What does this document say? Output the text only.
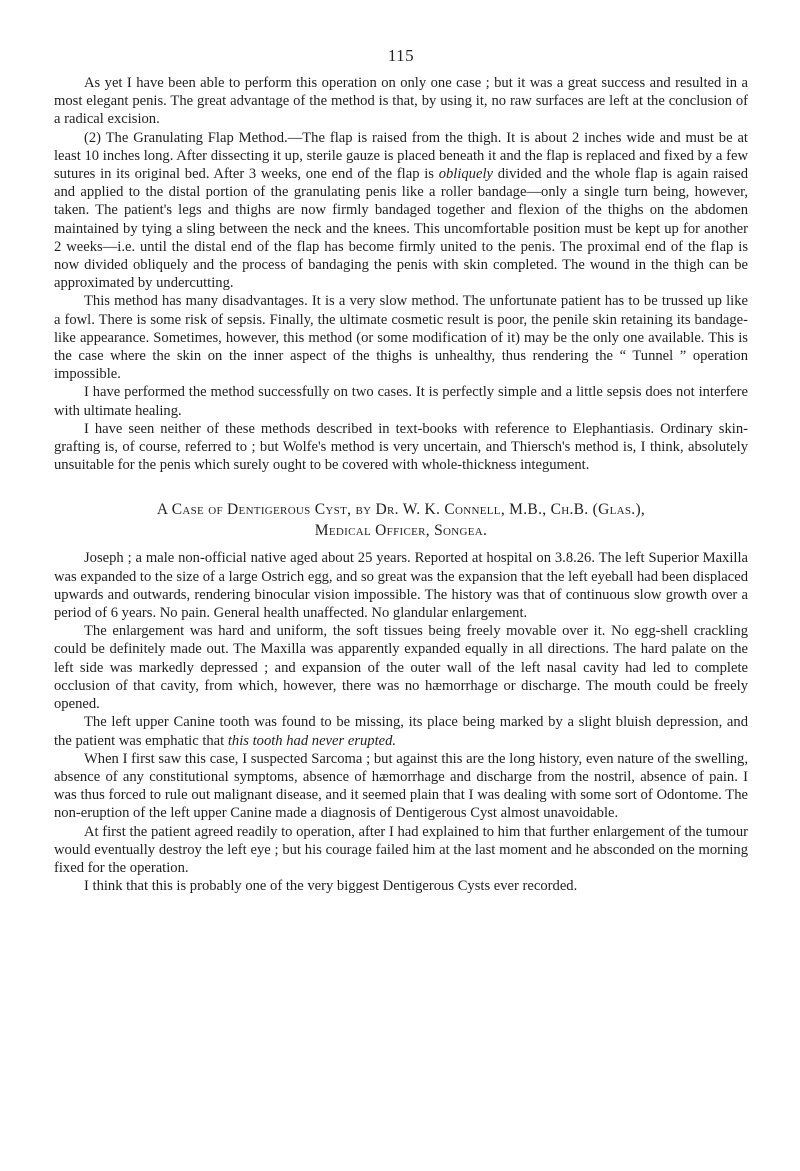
115

As yet I have been able to perform this operation on only one case ; but it was a great success and resulted in a most elegant penis. The great advantage of the method is that, by using it, no raw surfaces are left at the conclusion of a radical excision.

(2) The Granulating Flap Method.—The flap is raised from the thigh. It is about 2 inches wide and must be at least 10 inches long. After dissecting it up, sterile gauze is placed beneath it and the flap is replaced and fixed by a few sutures in its original bed. After 3 weeks, one end of the flap is obliquely divided and the whole flap is again raised and applied to the distal portion of the granulating penis like a roller bandage—only a single turn being, however, taken. The patient's legs and thighs are now firmly bandaged together and flexion of the thighs on the abdomen maintained by tying a sling between the neck and the knees. This uncomfortable position must be kept up for another 2 weeks—i.e. until the distal end of the flap has become firmly united to the penis. The proximal end of the flap is now divided obliquely and the process of bandaging the penis with skin completed. The wound in the thigh can be approximated by undercutting.

This method has many disadvantages. It is a very slow method. The unfortunate patient has to be trussed up like a fowl. There is some risk of sepsis. Finally, the ultimate cosmetic result is poor, the penile skin retaining its bandage-like appearance. Sometimes, however, this method (or some modification of it) may be the only one available. This is the case where the skin on the inner aspect of the thighs is unhealthy, thus rendering the “ Tunnel ” operation impossible.

I have performed the method successfully on two cases. It is perfectly simple and a little sepsis does not interfere with ultimate healing.

I have seen neither of these methods described in text-books with reference to Elephantiasis. Ordinary skin-grafting is, of course, referred to ; but Wolfe's method is very uncertain, and Thiersch's method is, I think, absolutely unsuitable for the penis which surely ought to be covered with whole-thickness integument.

A Case of Dentigerous Cyst, by Dr. W. K. Connell, M.B., Ch.B. (Glas.),
Medical Officer, Songea.

Joseph ; a male non-official native aged about 25 years. Reported at hospital on 3.8.26. The left Superior Maxilla was expanded to the size of a large Ostrich egg, and so great was the expansion that the left eyeball had been displaced upwards and outwards, rendering binocular vision impossible. The history was that of continuous slow growth over a period of 6 years. No pain. General health unaffected. No glandular enlargement.

The enlargement was hard and uniform, the soft tissues being freely movable over it. No egg-shell crackling could be definitely made out. The Maxilla was apparently expanded equally in all directions. The hard palate on the left side was markedly depressed ; and expansion of the outer wall of the left nasal cavity had led to complete occlusion of that cavity, from which, however, there was no hæmorrhage or discharge. The mouth could be freely opened.

The left upper Canine tooth was found to be missing, its place being marked by a slight bluish depression, and the patient was emphatic that this tooth had never erupted.

When I first saw this case, I suspected Sarcoma ; but against this are the long history, even nature of the swelling, absence of any constitutional symptoms, absence of hæmorrhage and discharge from the nostril, absence of pain. I was thus forced to rule out malignant disease, and it seemed plain that I was dealing with some sort of Odontome. The non-eruption of the left upper Canine made a diagnosis of Dentigerous Cyst almost unavoidable.

At first the patient agreed readily to operation, after I had explained to him that further enlargement of the tumour would eventually destroy the left eye ; but his courage failed him at the last moment and he absconded on the morning fixed for the operation.

I think that this is probably one of the very biggest Dentigerous Cysts ever recorded.
